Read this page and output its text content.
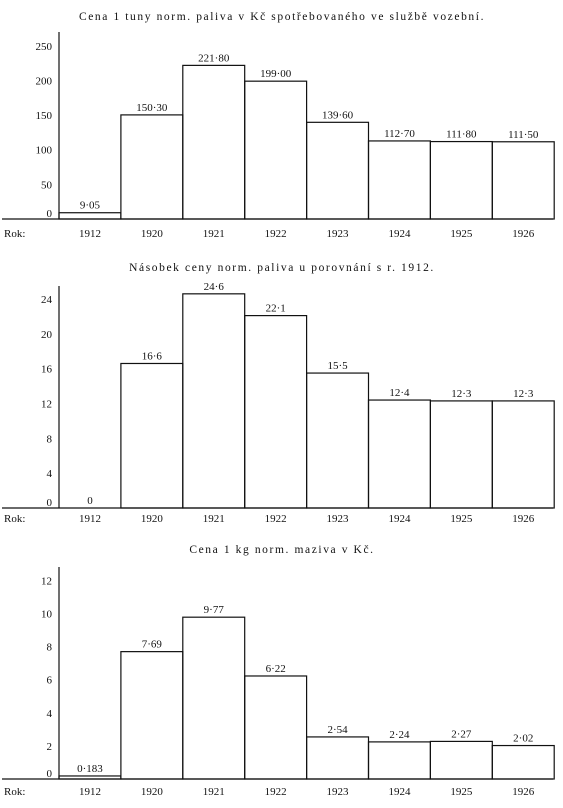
Cena 1 tuny norm. paliva v Kč spotřebovaného ve službě vozební.
0
50
100
150
200
250
Rok:
9·05
1912
150·30
1920
221·80
1921
199·00
1922
139·60
1923
112·70
1924
111·80
1925
111·50
1926
Násobek ceny norm. paliva u porovnání s r. 1912.
0
4
8
12
16
20
24
Rok:
0
1912
16·6
1920
24·6
1921
22·1
1922
15·5
1923
12·4
1924
12·3
1925
12·3
1926
Cena 1 kg norm. maziva v Kč.
0
2
4
6
8
10
12
Rok:
0·183
1912
7·69
1920
9·77
1921
6·22
1922
2·54
1923
2·24
1924
2·27
1925
2·02
1926
